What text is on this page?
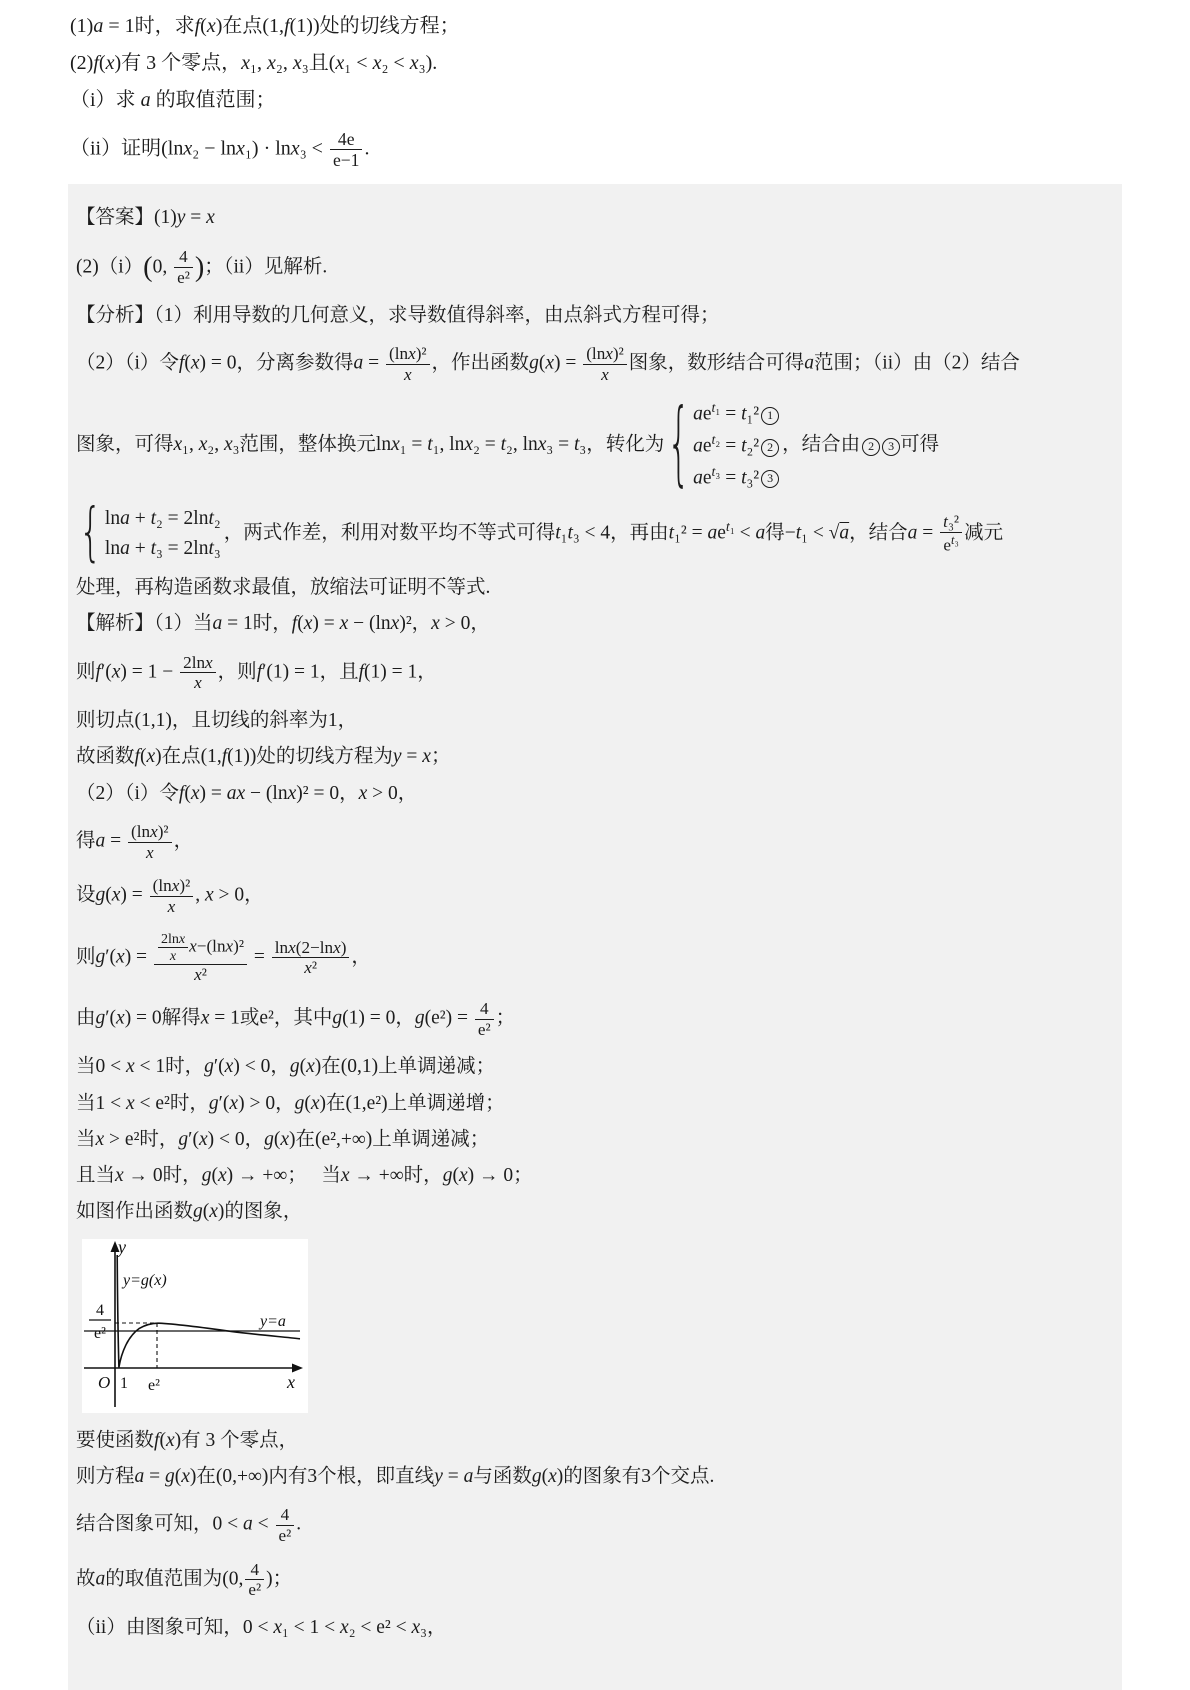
(1)a = 1时，求f(x)在点(1,f(1))处的切线方程；
(2)f(x)有 3 个零点，x₁, x₂, x₃且(x₁ < x₂ < x₃).
（i）求 a 的取值范围；
（ii）证明$(\ln x_2 - \ln x_1) \cdot \ln x_3 < \frac{4e}{e-1}$ .
【答案】(1)y = x
(2)（i）(0, $\frac{4}{\text{e²}}$ )；（ii）见解析.
【分析】（1）利用导数的几何意义，求导数值得斜率，由点斜式方程可得；
（2）（i）令f(x) = 0，分离参数得$a = \frac{\text{(lnx)²}}{x}$ ，作出函数$g(x) = \frac{\text{(lnx)²}}{x}$ 图象，数形结合可得a范围；（ii）由（2）结合
图象，可得x₁, x₂, x₃范围，整体换元lnx₁ = t₁, lnx₂ = t₂, lnx₃ = t₃，转化为 { $ae^{t_1} = t_1^2$ 1
$ae^{t_2} = t_2^2$ 2
$ae^{t_3} = t_3^2$ 3
，结合由 2 3 可得
{ lna + t₂ = 2lnt₂
lna + t₃ = 2lnt₃
，两式作差，利用对数平均不等式可得t₁t₃ < 4，再由$t_1^2 = ae^{t_1} < a$得−t₁ < √a，结合$a = \frac{\text{t₃²}}{e^{t_3}}$ 减元
处理，再构造函数求最值，放缩法可证明不等式.
【解析】（1）当a = 1时，f(x) = x − (lnx)²，x > 0，
则$f'(x) = 1 - \frac{2\ln x}{x}$ ，则f′(1) = 1，且f(1) = 1，
则切点(1,1)，且切线的斜率为1，
故函数f(x)在点(1,f(1))处的切线方程为y = x；
（2）（i）令f(x) = ax − (lnx)² = 0，x > 0，
得$a = \frac{\text{(lnx)²}}{x}$ ，
设$g(x) = \frac{\text{(lnx)²}}{x}$ , x > 0，
则$g'(x) = \frac{2\ln x}{x} x-(\ln x)^2$
x²
= $\frac{\ln x(2-\ln x)}{\text{x²}}$ ，
由g′(x) = 0解得x = 1或e²，其中g(1) = 0，$g(e^2) = \frac{4}{\text{e²}}$ ；
当0 < x < 1时，g′(x) < 0，g(x)在(0,1)上单调递减；
当1 < x < e²时，g′(x) > 0，g(x)在(1,e²)上单调递增；
当x > e²时，g′(x) < 0，g(x)在(e²,+∞)上单调递减；
且当x → 0时，g(x) → +∞；   当x → +∞时，g(x) → 0；
如图作出函数g(x)的图象，
4
e²
y
x
O 1 e²
y=g(x)
y=a
要使函数f(x)有 3 个零点，
则方程a = g(x)在(0,+∞)内有3个根，即直线y = a与函数g(x)的图象有3个交点.
结合图象可知，$0 < a < \frac{4}{\text{e²}}$ .
故a的取值范围为(0, $\frac{4}{\text{e²}}$ )；
（ii）由图象可知，0 < x₁ < 1 < x₂ < e² < x₃，
